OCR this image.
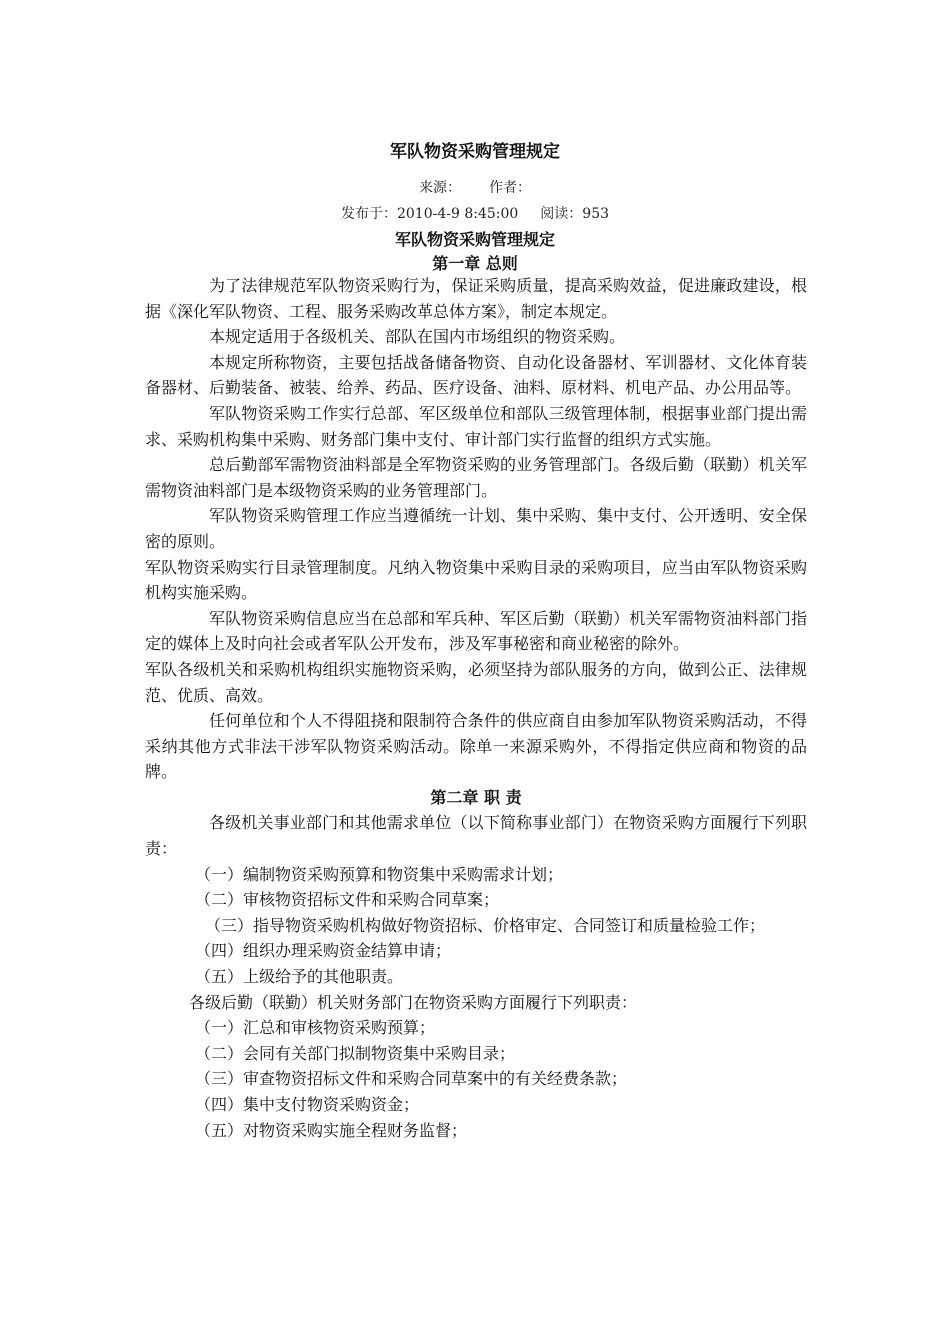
军队物资采购管理规定
来源： 作者：
发布于：2010-4-9 8:45:00 阅读：953
军队物资采购管理规定
第一章 总则

为了法律规范军队物资采购行为，保证采购质量，提高采购效益，促进廉政建设，根据《深化军队物资、工程、服务采购改革总体方案》，制定本规定。

本规定适用于各级机关、部队在国内市场组织的物资采购。

本规定所称物资，主要包括战备储备物资、自动化设备器材、军训器材、文化体育装备器材、后勤装备、被装、给养、药品、医疗设备、油料、原材料、机电产品、办公用品等。

军队物资采购工作实行总部、军区级单位和部队三级管理体制，根据事业部门提出需求、采购机构集中采购、财务部门集中支付、审计部门实行监督的组织方式实施。

总后勤部军需物资油料部是全军物资采购的业务管理部门。各级后勤（联勤）机关军需物资油料部门是本级物资采购的业务管理部门。

军队物资采购管理工作应当遵循统一计划、集中采购、集中支付、公开透明、安全保密的原则。

军队物资采购实行目录管理制度。凡纳入物资集中采购目录的采购项目，应当由军队物资采购机构实施采购。

军队物资采购信息应当在总部和军兵种、军区后勤（联勤）机关军需物资油料部门指定的媒体上及时向社会或者军队公开发布，涉及军事秘密和商业秘密的除外。

军队各级机关和采购机构组织实施物资采购，必须坚持为部队服务的方向，做到公正、法律规范、优质、高效。

任何单位和个人不得阻挠和限制符合条件的供应商自由参加军队物资采购活动，不得采纳其他方式非法干涉军队物资采购活动。除单一来源采购外，不得指定供应商和物资的品牌。

第二章 职 责

各级机关事业部门和其他需求单位（以下简称事业部门）在物资采购方面履行下列职责：

（一）编制物资采购预算和物资集中采购需求计划；

（二）审核物资招标文件和采购合同草案；

（三）指导物资采购机构做好物资招标、价格审定、合同签订和质量检验工作；

（四）组织办理采购资金结算申请；

（五）上级给予的其他职责。

各级后勤（联勤）机关财务部门在物资采购方面履行下列职责：

（一）汇总和审核物资采购预算；

（二）会同有关部门拟制物资集中采购目录；

（三）审查物资招标文件和采购合同草案中的有关经费条款；

（四）集中支付物资采购资金；

（五）对物资采购实施全程财务监督；
